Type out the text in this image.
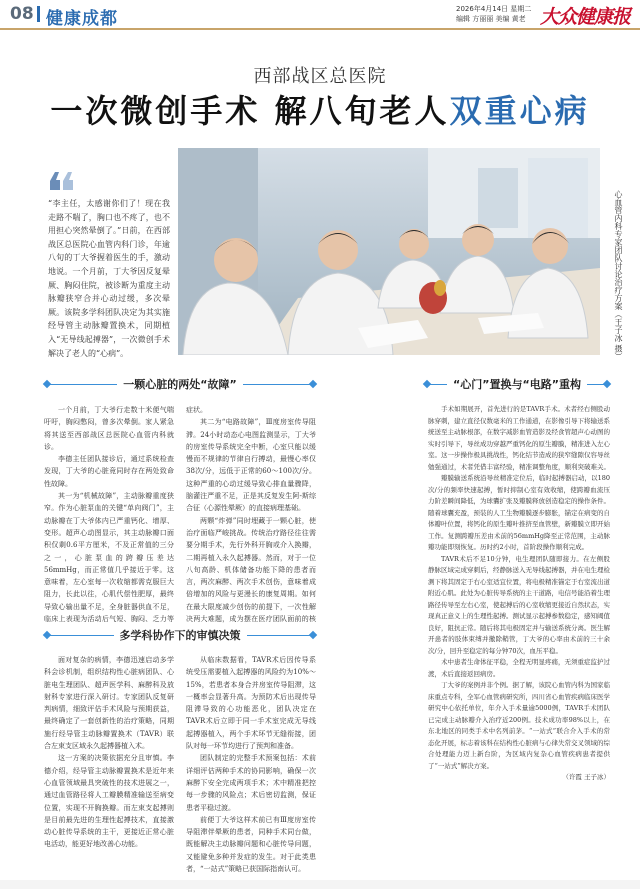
08 健康成都	2026年4月14日 星期二
编辑 方丽丽 美编 黄老 大众健康报
西部战区总医院
一次微创手术 解八旬老人双重心病
“李主任，太感谢你们了！现在我走路不喘了，胸口也不疼了，也不用担心突然晕倒了。”日前，在西部战区总医院心血管内科门诊，年逾八旬的丁大爷握着医生的手，激动地说。一个月前，丁大爷因反复晕厥、胸闷住院，被诊断为重度主动脉瓣狭窄合并心动过缓，多次晕厥。该院多学科团队决定为其实施经导管主动脉瓣置换术，同期植入“无导线起搏器”，一次微创手术解决了老人的“心病”。	心血管内科专家团队讨论治疗方案（王子冰 摄）
一颗心脏的两处“故障”	“心门”置换与“电路”重构

一个月前，丁大爷行走数十米便气喘吁吁，胸闷憋闷，曾多次晕倒。家人紧急将其送至西部战区总医院心血管内科就诊。

李德主任团队接诊后，通过系统检查发现，丁大爷的心脏竟同时存在两处致命性故障。

其一为“机械故障”，主动脉瓣重度狭窄。作为心脏泵血的关键“单向阀门”，主动脉瓣在丁大爷体内已严重钙化、增厚、变形。超声心动图显示，其主动脉瓣口面积仅剩0.6平方厘米，不及正常值的三分之一，心脏泵血的跨瓣压差达56mmHg，而正常值几乎接近于零。这意味着，左心室每一次收缩都需克服巨大阻力，长此以往，心肌代偿性肥厚，最终导致心输出量不足，全身脏器供血不足，临床上表现为活动后气短、胸闷、乏力等

症状。

其二为“电路故障”，Ⅲ度房室传导阻滞。24小时动态心电图监测显示，丁大爷的房室传导系统完全中断，心室只能以缓慢而不规律的节律自行搏动，最慢心率仅38次/分，远低于正常的60～100次/分。这种严重的心动过缓导致心排血量骤降，脑灌注严重不足，正是其反复发生阿-斯综合征（心源性晕厥）的直接病理基础。

两颗“炸弹”同时埋藏于一颗心脏，使治疗面临严峻挑战。传统治疗路径往往需要分期手术，先行外科开胸或介入换瓣，二期再植入永久起搏器。然而，对于一位八旬高龄、机体储备功能下降的患者而言，两次麻醉、两次手术创伤，意味着成倍增加的风险与更漫长的康复周期。如何在最大限度减少创伤的前提下，一次性解决两大难题，成为摆在医疗团队面前的核

手术如期展开，首先进行的是TAVR手术。术者经右侧股动脉穿刺，建立直径仅数毫米的工作通道，在影像引导下将输送系统送至主动脉根部，在数字减影血管造影及经食管超声心动图的实时引导下，导丝成功穿越严重钙化的原生瓣膜，精准进入左心室。这一步操作极具挑战性，钙化结节造成的狭窄缝隙仅容导丝勉强通过，术者凭借丰富经验，精准调整角度，顺利突破难关。

瓣膜输送系统沿导丝精准定位后，临时起搏器启动，以180次/分的频率快速起搏，暂时抑制心室有效收缩，使跨瓣血流压力阶差瞬间降低，为球囊扩张及瓣膜释放创造稳定的操作条件。随着球囊充盈，预装的人工生物瓣膜逐步膨胀，锚定在病变的自体瓣叶位置，将钙化的原生瓣叶推挤至血管壁，新瓣膜立即开始工作。复测跨瓣压差由术前的56mmHg降至正常范围，主动脉瓣功能即刻恢复。历时约2小时，首阶段操作顺利完成。

TAVR术后不足10分钟，电生理团队随即接力。在左侧股静脉区域完成穿刺后，经静脉送入无导线起搏器，并在电生理检测下将其固定于右心室适宜位置，将电极精准锚定于右室流出道附近心肌。此处为心脏传导系统的主干道路，电信号能沿着生理路径传导至左右心室，使起搏后的心室收缩更接近自然状态，实现真正意义上的生理性起搏。测试显示起搏参数稳定，感知阈值良好，阻抗正常。随后将其电极固定并与输送系统分离。医生解开患者的肢体束缚并撤除鞘管，丁大爷的心率由术前的三十余次/分，回升至稳定的每分钟70次，血压平稳。

术中患者生命体征平稳，全程无明显疼痛，无须重症监护过渡，术后直接返回病房。

丁大爷的案例并非个例。据了解，该院心血管内科为国家临床重点专科，全军心血管病研究所，四川省心血管疾病临床医学研究中心依托单位，年介入手术量逾5000例，TAVR手术团队已完成主动脉瓣介入治疗近200例。技术成功率98%以上，在东北地区的同类手术中名列前茅。“一站式”联合介入手术的常态化开展，标志着该科在结构性心脏病与心律失常交叉领域的综合处理能力迈上新台阶，为区域内复杂心血管疾病患者提供了“一站式”解决方案。

（许霞 王子冰）

多学科协作下的审慎决策

面对复杂的病情，李德迅速启动多学科会诊机制，组织结构性心脏病团队、心脏电生理团队、超声医学科、麻醉科及放射科专家进行深入研讨。专家团队反复研判病情，细致评估手术风险与预期获益，最终确定了一套创新性的治疗策略，同期施行经导管主动脉瓣置换术（TAVR）联合左束支区域永久起搏器植入术。

这一方案的决策依据充分且审慎。李德介绍，经导管主动脉瓣置换术是近年来心血管领域最具突破性的技术进展之一，通过血管路径将人工瓣膜精准输送至病变位置，实现不开胸换瓣。而左束支起搏则是目前最先进的生理性起搏技术，直接激动心脏传导系统的主干，更接近正常心脏电活动，能更好地改善心功能。

从临床数据看，TAVR术后因传导系统受压需要植入起搏器的风险约为10%～15%，若患者本身合并房室传导阻滞，这一概率会显著升高。为预防术后出现传导阻滞导致的心功能恶化，团队决定在TAVR术后立即于同一手术室完成无导线起搏器植入，两个手术环节无缝衔接，团队对每一环节均进行了预判和准备。

团队制定的完整手术预案包括：术前详细评估两种手术的协同影响，确保一次麻醉下安全完成两项手术；术中精准把控每一步骤的风险点；术后密切监测，保证患者平稳过渡。

前便丁大爷这样术前已有Ⅲ度房室传导阻滞伴晕厥的患者，同种手术同台做，既能解决主动脉瓣问题和心脏传导问题，又能避免多种并发症的发生。对于此类患者，“一站式”策略已获国际指南认可。
